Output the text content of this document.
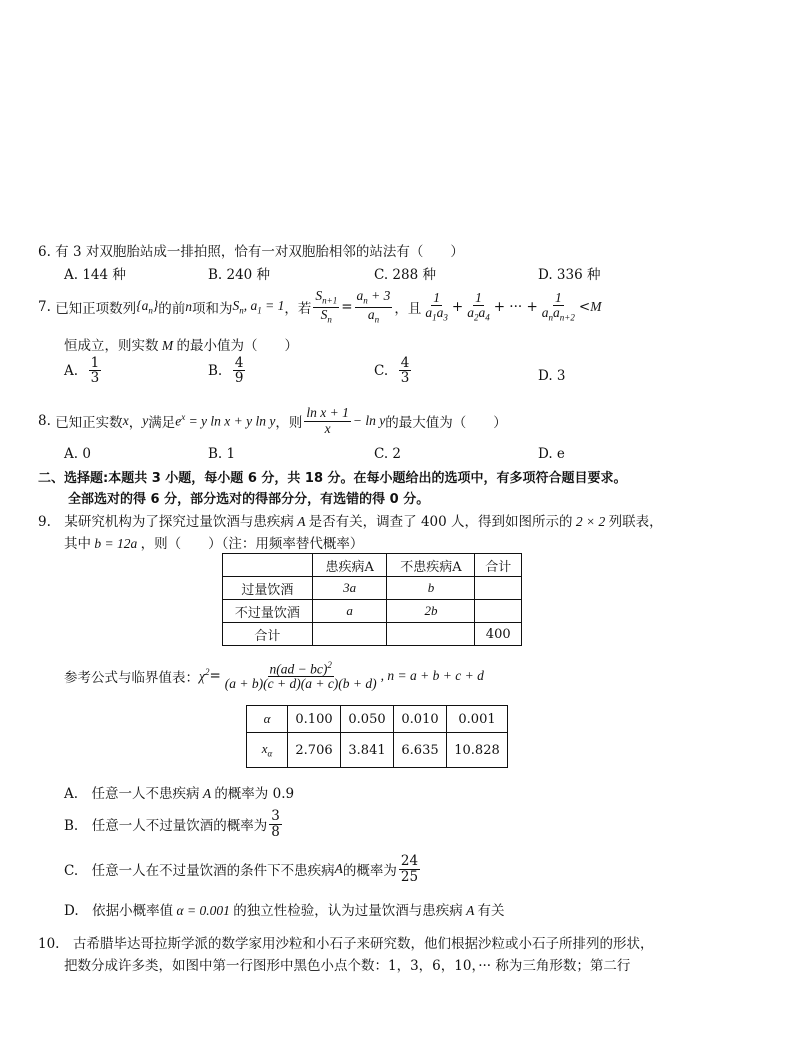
6. 有 3 对双胞胎站成一排拍照，恰有一对双胞胎相邻的站法有（　　）
A. 144 种	B. 240 种	C. 288 种	D. 336 种
7.
已知正项数列 $\{a_n\}$ 的前 n 项和为 $S_n$, $a_1 = 1$ ，若 $\frac{S_{n+1}}{S_n} = \frac{a_n + 3}{a_n}$ ，且 $\frac{1}{a_1a_3} + \frac{1}{a_2a_4}$ + ··· + $\frac{1}{a_na_{n+2}} < M$
恒成立，则实数 M 的最小值为（　　）
A.
$\frac{1}{3}$	B.
$\frac{4}{9}$	C.
$\frac{4}{3}$	D. 3
8.
已知正实数 x ， y 满足 $e^x = y$ ln x + y ln y ，则 $\frac{\text{ln x + 1}}{x} - \ln y$ 的最大值为（　　）
A. 0	B. 1	C. 2	D. e
二、选择题:本题共 3 小题，每小题 6 分，共 18 分。在每小题给出的选项中，有多项符合题目要求。
全部选对的得 6 分，部分选对的得部分分，有选错的得 0 分。
9.　某研究机构为了探究过量饮酒与患疾病 A 是否有关，调查了 400 人，得到如图所示的 2 × 2 列联表，
其中 b = 12a ，则（　　）（注：用频率替代概率）
	患疾病A	不患疾病A	合计
过量饮酒	3a	b	
不过量饮酒	a	2b	
合计			400
参考公式与临界值表： $\chi^2 = \frac{n(ad - bc)^2}{(a + b)(c + d)(a + c)(b + d)}$ , n = a + b + c + d
α	0.100	0.050	0.010	0.001
$x_\alpha$	2.706	3.841	6.635	10.828
A.　任意一人不患疾病 A 的概率为 0.9
B.　任意一人不过量饮酒的概率为 $\frac{3}{8}$
C.　任意一人在不过量饮酒的条件下不患疾病 A 的概率为 $\frac{24}{25}$
D.　依据小概率值 α = 0.001 的独立性检验，认为过量饮酒与患疾病 A 有关
10.　古希腊毕达哥拉斯学派的数学家用沙粒和小石子来研究数，他们根据沙粒或小石子所排列的形状，
把数分成许多类，如图中第一行图形中黑色小点个数：1，3，6，10，··· 称为三角形数；第二行
